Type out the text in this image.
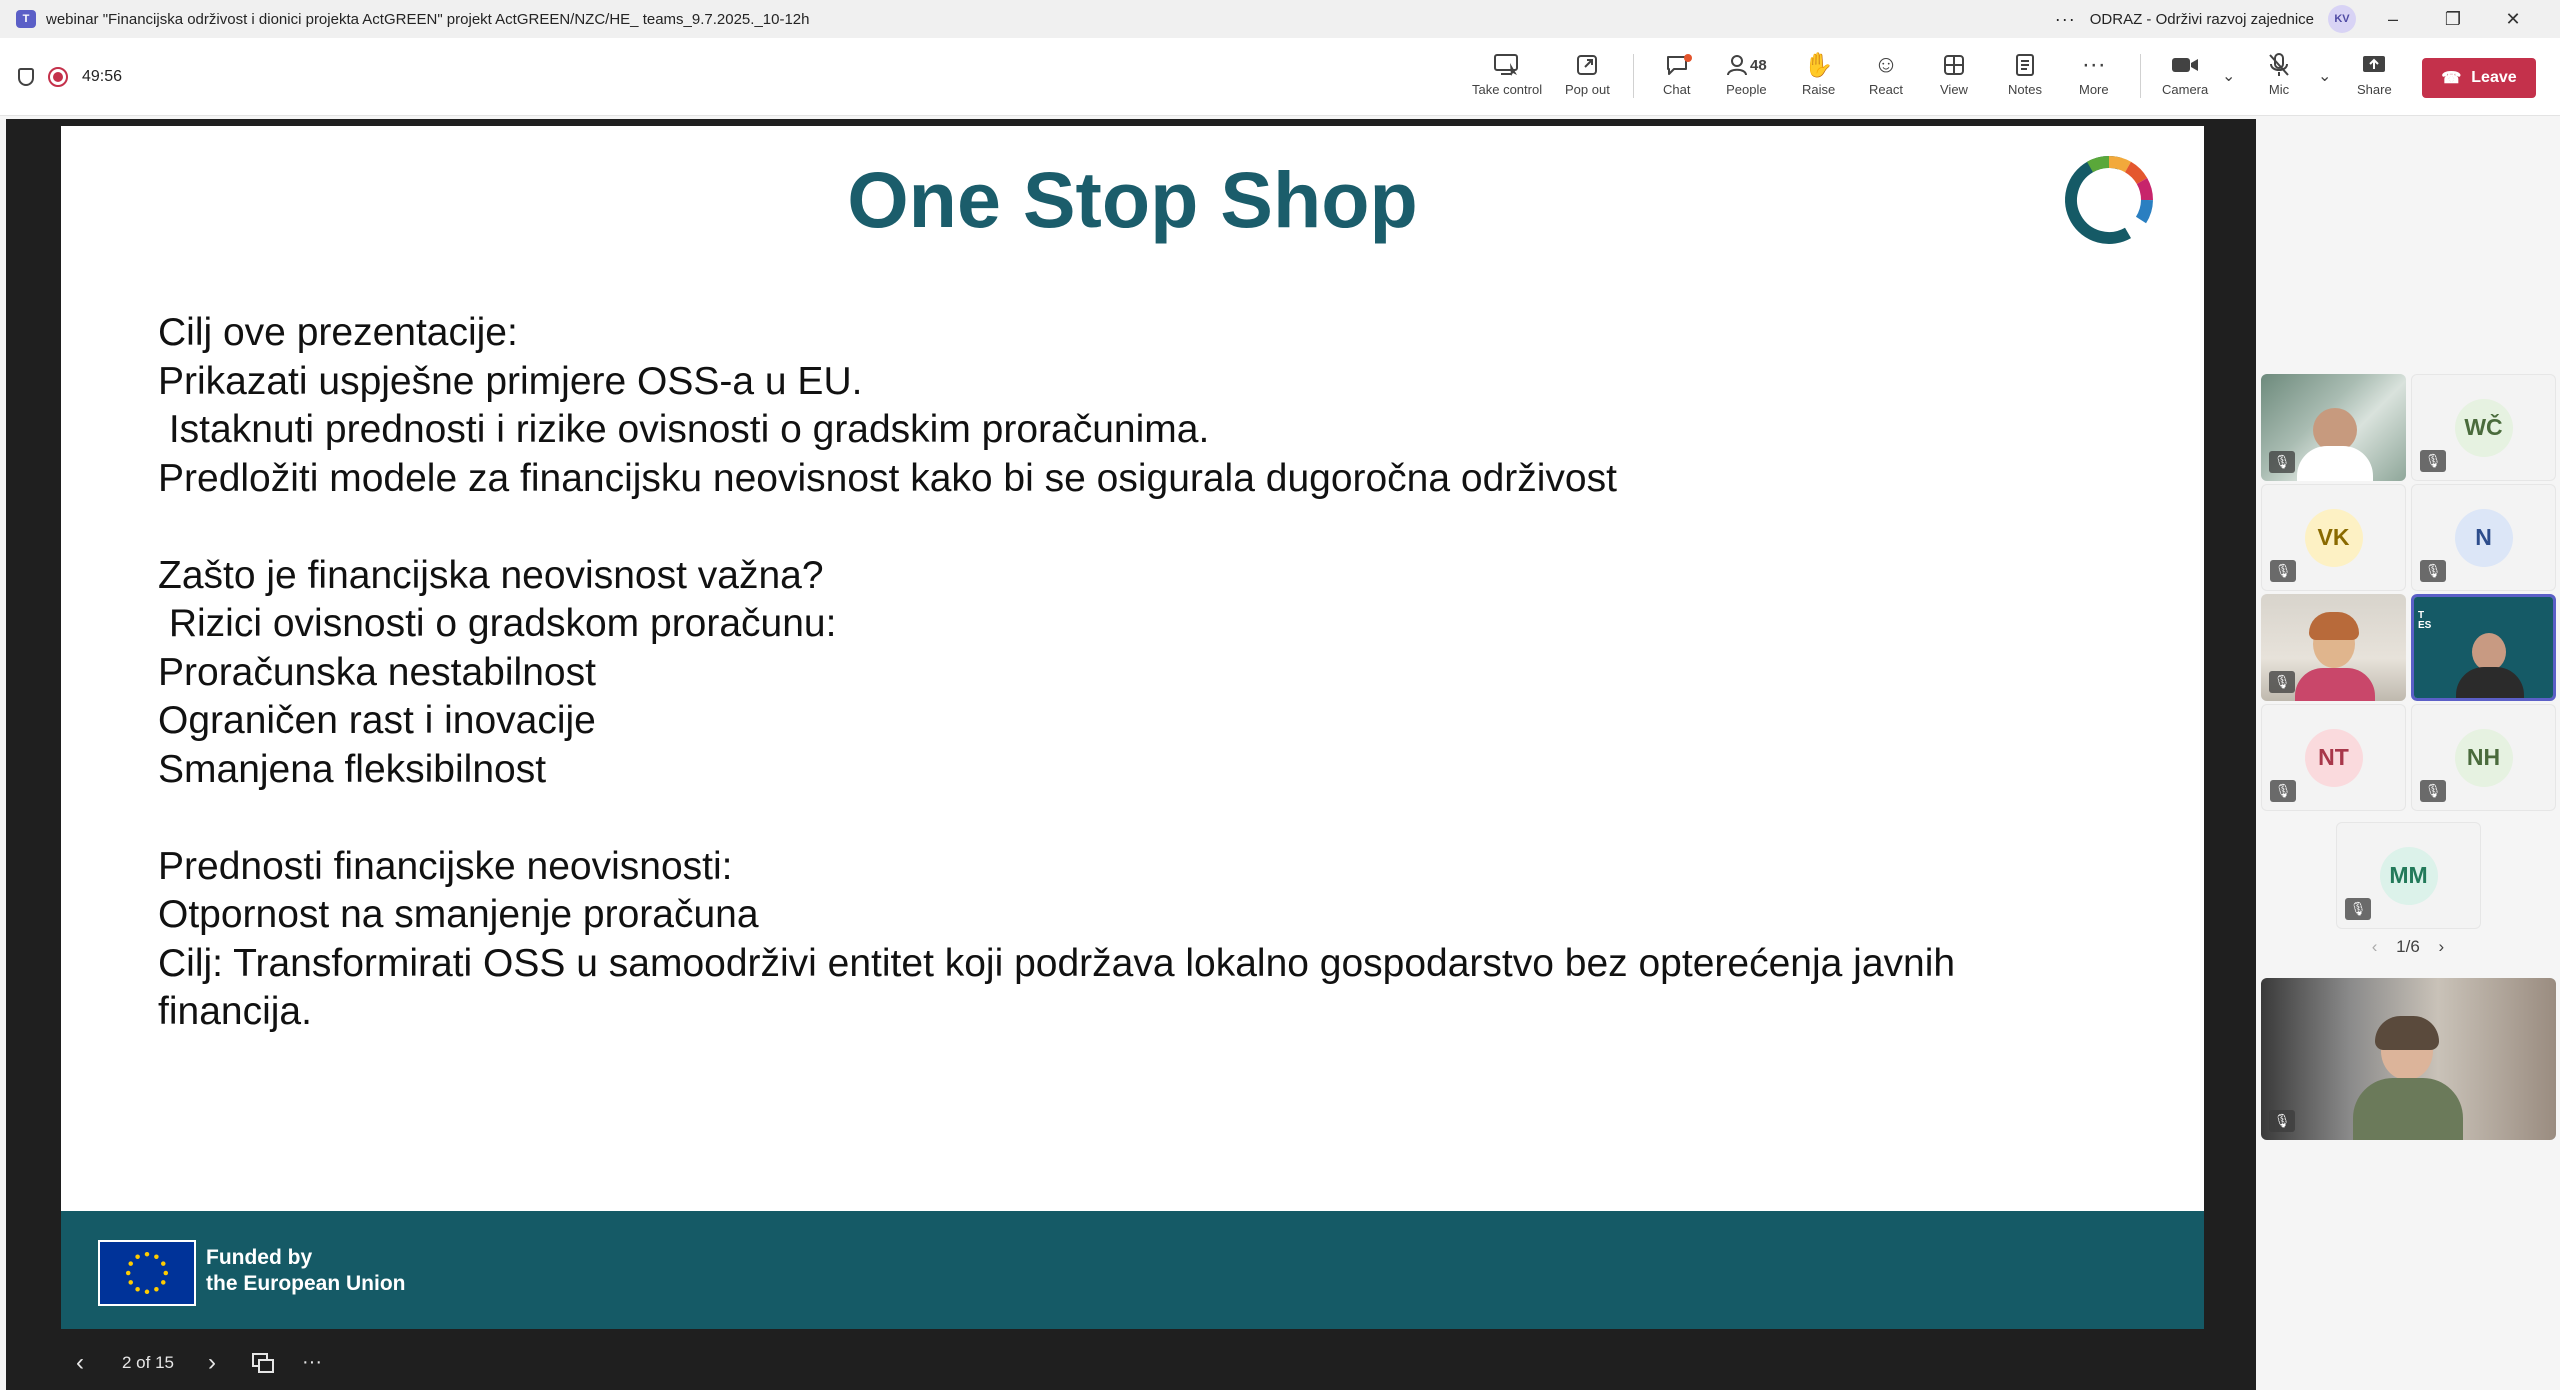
T	webinar "Financijska održivost i dionici projekta ActGREEN" projekt ActGREEN/NZC/HE_ teams_9.7.2025._10-12h	··· ODRAZ - Održivi razvoj zajednice	KV	–	❐	✕
49:56
Take control Pop out	Chat
48
People
✋
Raise
☺
React	View	Notes
···
More	Camera
⌄
Mic
⌄
Share
☎ Leave
One Stop Shop
Cilj ove prezentacije:
Prikazati uspješne primjere OSS-a u EU.
Istaknuti prednosti i rizike ovisnosti o gradskim proračunima.
Predložiti modele za financijsku neovisnost kako bi se osigurala dugoročna održivost

Zašto je financijska neovisnost važna?
Rizici ovisnosti o gradskom proračunu:
Proračunska nestabilnost
Ograničen rast i inovacije
Smanjena fleksibilnost

Prednosti financijske neovisnosti:
Otpornost na smanjenje proračuna
Cilj: Transformirati OSS u samoodrživi entitet koji podržava lokalno gospodarstvo bez opterećenja javnih
financija.
Funded by
the European Union
‹ 2 of 15 ›	···
🎙
WČ
🎙
VK
🎙
N
🎙
🎙
T
ES
NT
🎙
NH
🎙
MM
🎙
‹ 1/6 ›
🎙
